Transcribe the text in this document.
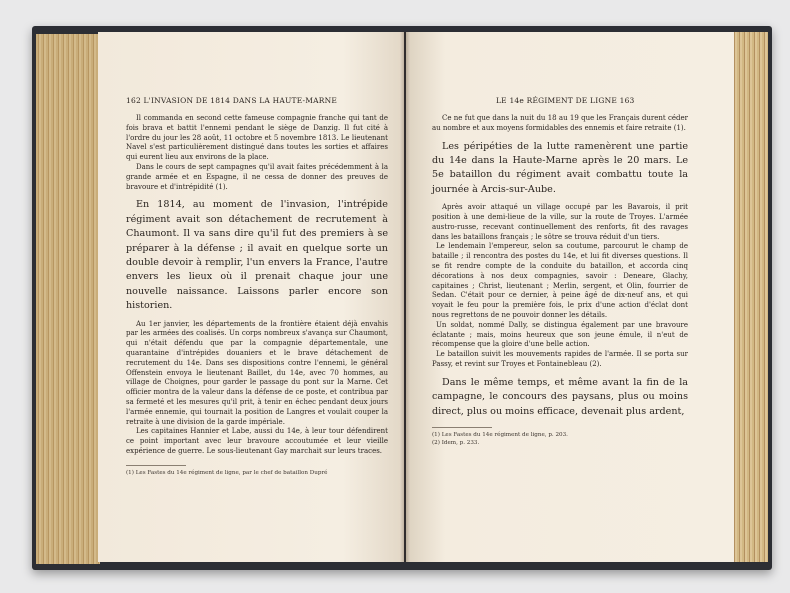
162 L'INVASION DE 1814 DANS LA HAUTE-MARNE

Il commanda en second cette fameuse compagnie franche qui tant de fois brava et battit l'ennemi pendant le siège de Danzig. Il fut cité à l'ordre du jour les 28 août, 11 octobre et 5 novembre 1813. Le lieutenant Navel s'est particulièrement distingué dans toutes les sorties et affaires qui eurent lieu aux environs de la place.

Dans le cours de sept campagnes qu'il avait faites précédemment à la grande armée et en Espagne, il ne cessa de donner des preuves de bravoure et d'intrépidité (1).

En 1814, au moment de l'invasion, l'intrépide régiment avait son détachement de recrutement à Chaumont. Il va sans dire qu'il fut des premiers à se préparer à la défense ; il avait en quelque sorte un double devoir à remplir, l'un envers la France, l'autre envers les lieux où il prenait chaque jour une nouvelle naissance. Laissons parler encore son historien.

Au 1er janvier, les départements de la frontière étaient déjà envahis par les armées des coalisés. Un corps nombreux s'avança sur Chaumont, qui n'était défendu que par la compagnie départementale, une quarantaine d'intrépides douaniers et le brave détachement de recrutement du 14e. Dans ses dispositions contre l'ennemi, le général Offenstein envoya le lieutenant Baillet, du 14e, avec 70 hommes, au village de Choignes, pour garder le passage du pont sur la Marne. Cet officier montra de la valeur dans la défense de ce poste, et contribua par sa fermeté et les mesures qu'il prit, à tenir en échec pendant deux jours l'armée ennemie, qui tournait la position de Langres et voulait couper la retraite à une division de la garde impériale.

Les capitaines Hannier et Labe, aussi du 14e, à leur tour défendirent ce point important avec leur bravoure accoutumée et leur vieille expérience de guerre. Le sous-lieutenant Gay marchait sur leurs traces.

(1) Les Fastes du 14e régiment de ligne, par le chef de bataillon Dupré
LE 14e RÉGIMENT DE LIGNE 163

Ce ne fut que dans la nuit du 18 au 19 que les Français durent céder au nombre et aux moyens formidables des ennemis et faire retraite (1).

Les péripéties de la lutte ramenèrent une partie du 14e dans la Haute-Marne après le 20 mars. Le 5e bataillon du régiment avait combattu toute la journée à Arcis-sur-Aube.

Après avoir attaqué un village occupé par les Bavarois, il prit position à une demi-lieue de la ville, sur la route de Troyes. L'armée austro-russe, recevant continuellement des renforts, fit des ravages dans les bataillons français ; le sôtre se trouva réduit d'un tiers.

Le lendemain l'empereur, selon sa coutume, parcourut le champ de bataille ; il rencontra des postes du 14e, et lui fit diverses questions. Il se fit rendre compte de la conduite du bataillon, et accorda cinq décorations à nos deux compagnies, savoir : Deneare, Glachy, capitaines ; Christ, lieutenant ; Merlin, sergent, et Olin, fourrier de Sedan. C'était pour ce dernier, à peine âgé de dix-neuf ans, et qui voyait le feu pour la première fois, le prix d'une action d'éclat dont nous regrettons de ne pouvoir donner les détails.

Un soldat, nommé Dally, se distingua également par une bravoure éclatante ; mais, moins heureux que son jeune émule, il n'eut de récompense que la gloire d'une belle action.

Le bataillon suivit les mouvements rapides de l'armée. Il se porta sur Passy, et revint sur Troyes et Fontainebleau (2).

Dans le même temps, et même avant la fin de la campagne, le concours des paysans, plus ou moins direct, plus ou moins efficace, devenait plus ardent,

(1) Les Fastes du 14e régiment de ligne, p. 203.
(2) Idem, p. 233.
